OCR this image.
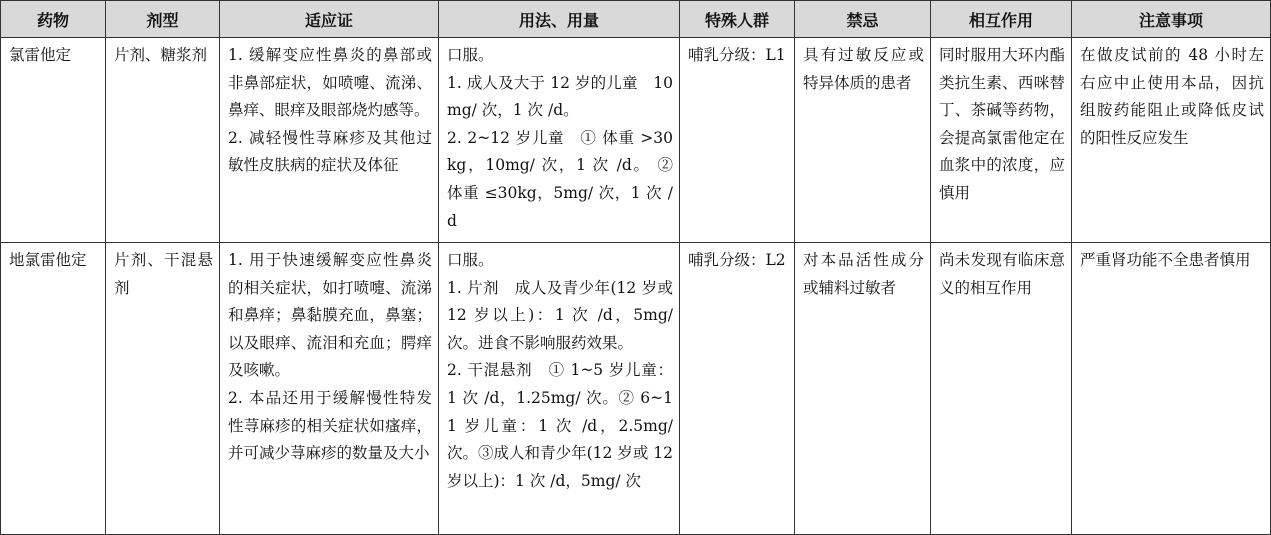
药物	剂型	适应证	用法、用量	特殊人群	禁忌	相互作用	注意事项
氯雷他定	片剂、糖浆剂	1. 缓解变应性鼻炎的鼻部或非鼻部症状，如喷嚏、流涕、鼻痒、眼痒及眼部烧灼感等。
2. 减轻慢性荨麻疹及其他过敏性皮肤病的症状及体征	口服。
1. 成人及大于 12 岁的儿童　10mg/ 次，1 次 /d。
2. 2~12 岁儿童　① 体重 >30kg，10mg/ 次，1 次 /d。 ② 体重 ≤30kg，5mg/ 次，1 次 /d	哺乳分级：L1	具有过敏反应或特异体质的患者	同时服用大环内酯类抗生素、西咪替丁、茶碱等药物，会提高氯雷他定在血浆中的浓度，应慎用	在做皮试前的 48 小时左右应中止使用本品，因抗组胺药能阻止或降低皮试的阳性反应发生
地氯雷他定	片剂、干混悬剂	1. 用于快速缓解变应性鼻炎的相关症状，如打喷嚏、流涕和鼻痒；鼻黏膜充血，鼻塞；以及眼痒、流泪和充血；腭痒及咳嗽。
2. 本品还用于缓解慢性特发性荨麻疹的相关症状如瘙痒，并可减少荨麻疹的数量及大小	口服。
1. 片剂　成人及青少年(12 岁或 12 岁以上)：1 次 /d，5mg/ 次。进食不影响服药效果。
2. 干混悬剂　① 1~5 岁儿童：1 次 /d，1.25mg/ 次。② 6~11 岁儿童：1 次 /d，2.5mg/ 次。③成人和青少年(12 岁或 12 岁以上)：1 次 /d，5mg/ 次	哺乳分级：L2	对本品活性成分或辅料过敏者	尚未发现有临床意义的相互作用	严重肾功能不全患者慎用
